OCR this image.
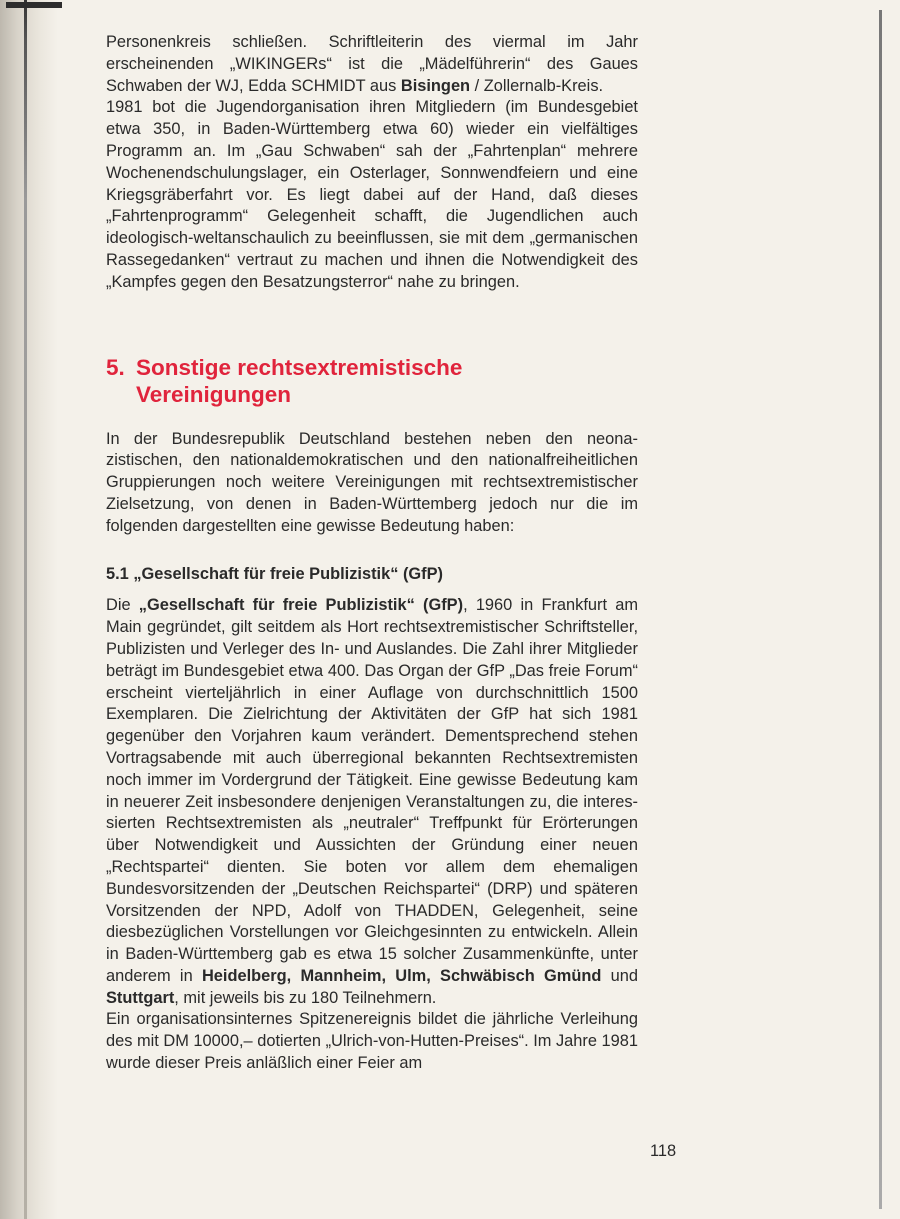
Personenkreis schließen. Schriftleiterin des viermal im Jahr erscheinenden „WIKINGERs“ ist die „Mädelführerin“ des Gaues Schwaben der WJ, Edda SCHMIDT aus Bisingen / Zollernalb-Kreis.

1981 bot die Jugendorganisation ihren Mitgliedern (im Bundesgebiet etwa 350, in Baden-Württemberg etwa 60) wieder ein vielfältiges Programm an. Im „Gau Schwaben“ sah der „Fahrtenplan“ mehrere Wochenendschulungslager, ein Osterlager, Sonnwendfeiern und eine Kriegsgräberfahrt vor. Es liegt dabei auf der Hand, daß dieses „Fahrtenprogramm“ Gelegenheit schafft, die Jugendlichen auch ideologisch-weltanschaulich zu beeinflussen, sie mit dem „germanischen Rassegedanken“ vertraut zu machen und ihnen die Notwendigkeit des „Kampfes gegen den Besatzungsterror“ nahe zu bringen.

5. Sonstige rechtsextremistische
Vereinigungen

In der Bundesrepublik Deutschland bestehen neben den neonazistischen, den nationaldemokratischen und den nationalfreiheitlichen Gruppierungen noch weitere Vereinigungen mit rechtsextremistischer Zielsetzung, von denen in Baden-Württemberg jedoch nur die im folgenden dargestellten eine gewisse Bedeutung haben:

5.1 „Gesellschaft für freie Publizistik“ (GfP)

Die „Gesellschaft für freie Publizistik“ (GfP), 1960 in Frankfurt am Main gegründet, gilt seitdem als Hort rechtsextremistischer Schriftsteller, Publizisten und Verleger des In- und Auslandes. Die Zahl ihrer Mitglieder beträgt im Bundesgebiet etwa 400. Das Organ der GfP „Das freie Forum“ erscheint vierteljährlich in einer Auflage von durchschnittlich 1500 Exemplaren. Die Zielrichtung der Aktivitäten der GfP hat sich 1981 gegenüber den Vorjahren kaum verändert. Dementsprechend stehen Vortragsabende mit auch überregional bekannten Rechtsextremisten noch immer im Vordergrund der Tätigkeit. Eine gewisse Bedeutung kam in neuerer Zeit insbesondere denjenigen Veranstaltungen zu, die interessierten Rechtsextremisten als „neutraler“ Treffpunkt für Erörterungen über Notwendigkeit und Aussichten der Gründung einer neuen „Rechtspartei“ dienten. Sie boten vor allem dem ehemaligen Bundesvorsitzenden der „Deutschen Reichspartei“ (DRP) und späteren Vorsitzenden der NPD, Adolf von THADDEN, Gelegenheit, seine diesbezüglichen Vorstellungen vor Gleichgesinnten zu entwickeln. Allein in Baden-Württemberg gab es etwa 15 solcher Zusammenkünfte, unter anderem in Heidelberg, Mannheim, Ulm, Schwäbisch Gmünd und Stuttgart, mit jeweils bis zu 180 Teilnehmern.

Ein organisationsinternes Spitzenereignis bildet die jährliche Verleihung des mit DM 10000,– dotierten „Ulrich-von-Hutten-Preises“. Im Jahre 1981 wurde dieser Preis anläßlich einer Feier am

118
